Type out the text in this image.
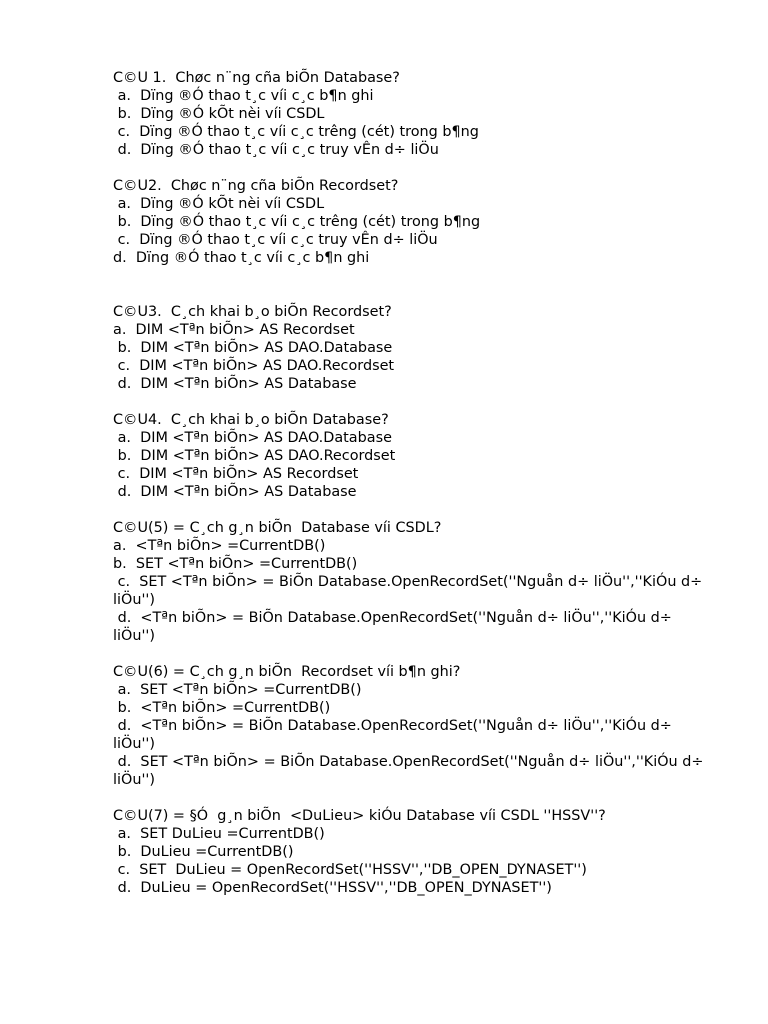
C©U 1.  Chøc n¨ng cña biÕn Database?
a.  Dïng ®Ó thao t¸c víi c¸c b¶n ghi
b.  Dïng ®Ó kÕt nèi víi CSDL
c.  Dïng ®Ó thao t¸c víi c¸c trêng (cét) trong b¶ng
d.  Dïng ®Ó thao t¸c víi c¸c truy vÊn d÷ liÖu
C©U2.  Chøc n¨ng cña biÕn Recordset?
a.  Dïng ®Ó kÕt nèi víi CSDL
b.  Dïng ®Ó thao t¸c víi c¸c trêng (cét) trong b¶ng
c.  Dïng ®Ó thao t¸c víi c¸c truy vÊn d÷ liÖu
d.  Dïng ®Ó thao t¸c víi c¸c b¶n ghi
C©U3.  C¸ch khai b¸o biÕn Recordset?
a.  DIM <Tªn biÕn> AS Recordset
b.  DIM <Tªn biÕn> AS DAO.Database
c.  DIM <Tªn biÕn> AS DAO.Recordset
d.  DIM <Tªn biÕn> AS Database
C©U4.  C¸ch khai b¸o biÕn Database?
a.  DIM <Tªn biÕn> AS DAO.Database
b.  DIM <Tªn biÕn> AS DAO.Recordset
c.  DIM <Tªn biÕn> AS Recordset
d.  DIM <Tªn biÕn> AS Database
C©U(5) = C¸ch g¸n biÕn  Database víi CSDL?
a.  <Tªn biÕn> =CurrentDB()
b.  SET <Tªn biÕn> =CurrentDB()
c.  SET <Tªn biÕn> = BiÕn Database.OpenRecordSet(''Nguån d÷ liÖu'',''KiÓu d÷ liÖu'')
d.  <Tªn biÕn> = BiÕn Database.OpenRecordSet(''Nguån d÷ liÖu'',''KiÓu d÷ liÖu'')
C©U(6) = C¸ch g¸n biÕn  Recordset víi b¶n ghi?
a.  SET <Tªn biÕn> =CurrentDB()
b.  <Tªn biÕn> =CurrentDB()
d.  <Tªn biÕn> = BiÕn Database.OpenRecordSet(''Nguån d÷ liÖu'',''KiÓu d÷ liÖu'')
d.  SET <Tªn biÕn> = BiÕn Database.OpenRecordSet(''Nguån d÷ liÖu'',''KiÓu d÷ liÖu'')
C©U(7) = §Ó  g¸n biÕn  <DuLieu> kiÓu Database víi CSDL ''HSSV''?
a.  SET DuLieu =CurrentDB()
b.  DuLieu =CurrentDB()
c.  SET  DuLieu = OpenRecordSet(''HSSV'',''DB_OPEN_DYNASET'')
d.  DuLieu = OpenRecordSet(''HSSV'',''DB_OPEN_DYNASET'')
